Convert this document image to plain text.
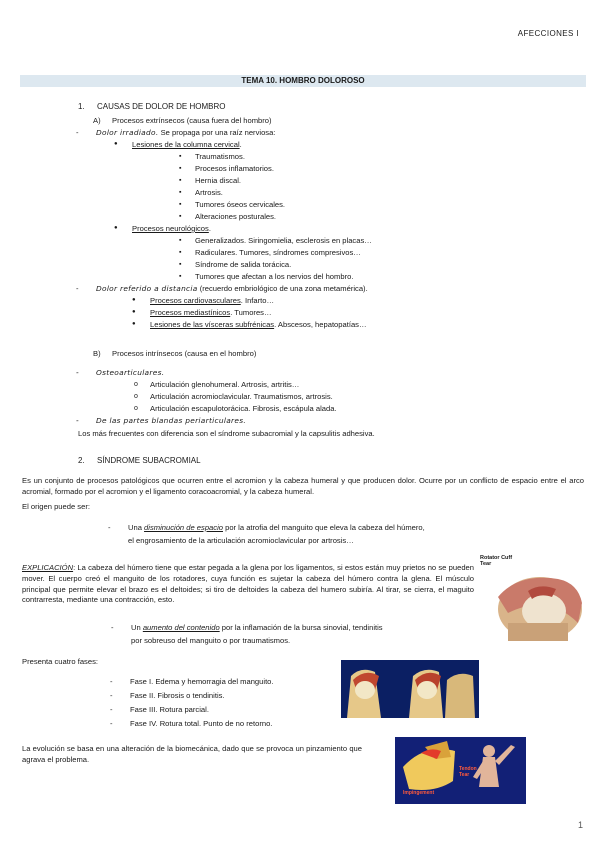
AFECCIONES I
TEMA 10. HOMBRO DOLOROSO
1. CAUSAS DE DOLOR DE HOMBRO
A) Procesos extrínsecos (causa fuera del hombro)
- Dolor irradiado. Se propaga por una raíz nerviosa:
● Lesiones de la columna cervical.
▪ Traumatismos.
▪ Procesos inflamatorios.
▪ Hernia discal.
▪ Artrosis.
▪ Tumores óseos cervicales.
▪ Alteraciones posturales.
● Procesos neurológicos.
▪ Generalizados. Siringomielia, esclerosis en placas…
▪ Radiculares. Tumores, síndromes compresivos…
▪ Síndrome de salida torácica.
▪ Tumores que afectan a los nervios del hombro.
- Dolor referido a distancia (recuerdo embriológico de una zona metamérica).
● Procesos cardiovasculares. Infarto…
● Procesos mediastínicos. Tumores…
● Lesiones de las vísceras subfrénicas. Abscesos, hepatopatías…
B) Procesos intrínsecos (causa en el hombro)
- Osteoarticulares.
o Articulación glenohumeral. Artrosis, artritis…
o Articulación acromioclavicular. Traumatismos, artrosis.
o Articulación escapulotorácica. Fibrosis, escápula alada.
- De las partes blandas periarticulares.
Los más frecuentes con diferencia son el síndrome subacromial y la capsulitis adhesiva.
2. SÍNDROME SUBACROMIAL
Es un conjunto de procesos patológicos que ocurren entre el acromion y la cabeza humeral y que producen dolor. Ocurre por un conflicto de espacio entre el arco acromial, formado por el acromion y el ligamento coracoacromial, y la cabeza humeral.
El origen puede ser:
- Una disminución de espacio por la atrofia del manguito que eleva la cabeza del húmero,
el engrosamiento de la articulación acromioclavicular por artrosis…
EXPLICACIÓN: La cabeza del húmero tiene que estar pegada a la glena por los ligamentos, si estos están muy prietos no se pueden mover. El cuerpo creó el manguito de los rotadores, cuya función es sujetar la cabeza del húmero contra la glena. El músculo principal que permite elevar el brazo es el deltoides; si tiro de deltoides la cabeza del humero subiría. Al tirar, se cierra, el maguito contrarresta, mediante una contracción, esto.
Rotator Cuff Tear
- Un aumento del contenido por la inflamación de la bursa sinovial, tendinitis
por sobreuso del manguito o por traumatismos.
Presenta cuatro fases:
- Fase I. Edema y hemorragia del manguito.
- Fase II. Fibrosis o tendinitis.
- Fase III. Rotura parcial.
- Fase IV. Rotura total. Punto de no retorno.
La evolución se basa en una alteración de la biomecánica, dado que se provoca un pinzamiento que agrava el problema.
Impingement
Tendon Tear
1
